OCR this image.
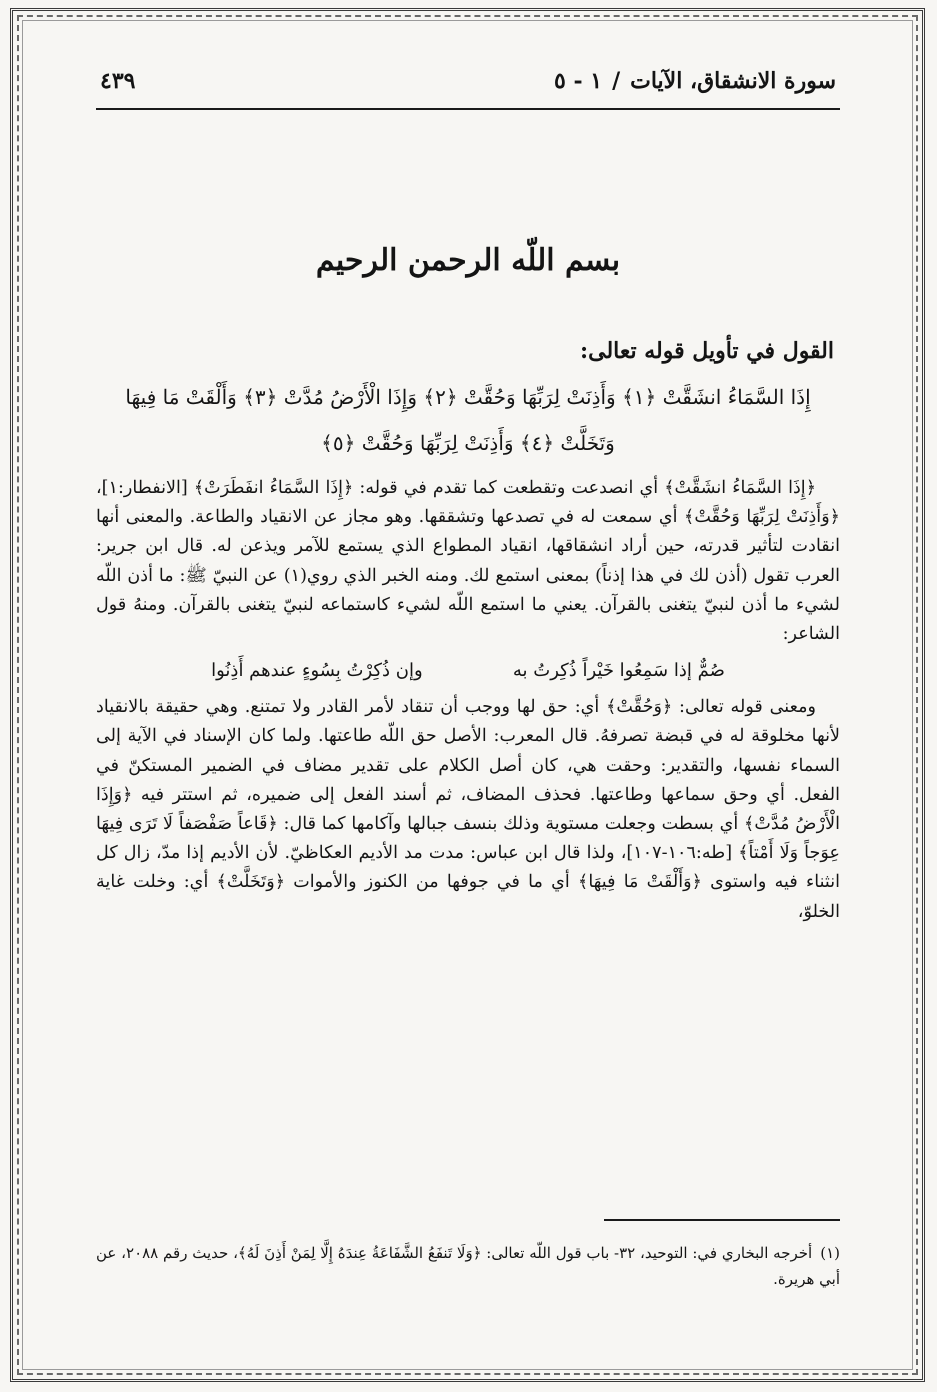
سورة الانشقاق، الآيات/١ - ٥
٤٣٩
بسم اللّه الرحمن الرحيم
القول في تأويل قوله تعالى:
إِذَا السَّمَاءُ انشَقَّتْ ﴿١﴾ وَأَذِنَتْ لِرَبِّهَا وَحُقَّتْ ﴿٢﴾ وَإِذَا الْأَرْضُ مُدَّتْ ﴿٣﴾ وَأَلْقَتْ مَا فِيهَا
وَتَخَلَّتْ ﴿٤﴾ وَأَذِنَتْ لِرَبِّهَا وَحُقَّتْ ﴿٥﴾

﴿إِذَا السَّمَاءُ انشَقَّتْ﴾ أي انصدعت وتقطعت كما تقدم في قوله: ﴿إِذَا السَّمَاءُ انفَطَرَتْ﴾ [الانفطار:١]، ﴿وَأَذِنَتْ لِرَبِّهَا وَحُقَّتْ﴾ أي سمعت له في تصدعها وتشققها. وهو مجاز عن الانقياد والطاعة. والمعنى أنها انقادت لتأثير قدرته، حين أراد انشقاقها، انقياد المطواع الذي يستمع للآمر ويذعن له. قال ابن جرير: العرب تقول (أذن لك في هذا إذناً) بمعنى استمع لك. ومنه الخبر الذي روي(١) عن النبيّ ﷺ: ما أذن اللّه لشيء ما أذن لنبيّ يتغنى بالقرآن. يعني ما استمع اللّه لشيء كاستماعه لنبيّ يتغنى بالقرآن. ومنهُ قول الشاعر:

صُمٌّ إذا سَمِعُوا خَيْراً ذُكِرتُ به
وإن ذُكِرْتُ بِسُوءٍ عندهم أَذِنُوا

ومعنى قوله تعالى: ﴿وَحُقَّتْ﴾ أي: حق لها ووجب أن تنقاد لأمر القادر ولا تمتنع. وهي حقيقة بالانقياد لأنها مخلوقة له في قبضة تصرفهُ. قال المعرب: الأصل حق اللّه طاعتها. ولما كان الإسناد في الآية إلى السماء نفسها، والتقدير: وحقت هي، كان أصل الكلام على تقدير مضاف في الضمير المستكنّ في الفعل. أي وحق سماعها وطاعتها. فحذف المضاف، ثم أسند الفعل إلى ضميره، ثم استتر فيه ﴿وَإِذَا الْأَرْضُ مُدَّتْ﴾ أي بسطت وجعلت مستوية وذلك بنسف جبالها وآكامها كما قال: ﴿قَاعاً صَفْصَفاً لَا تَرَى فِيهَا عِوَجاً وَلَا أَمْتاً﴾ [طه:١٠٦-١٠٧]، ولذا قال ابن عباس: مدت مد الأديم العكاظيّ. لأن الأديم إذا مدّ، زال كل انثناء فيه واستوى ﴿وَأَلْقَتْ مَا فِيهَا﴾ أي ما في جوفها من الكنوز والأموات ﴿وَتَخَلَّتْ﴾ أي: وخلت غاية الخلوّ،

(١)أخرجه البخاري في: التوحيد، ٣٢- باب قول اللّه تعالى: ﴿وَلَا تَنفَعُ الشَّفَاعَةُ عِندَهُ إِلَّا لِمَنْ أَذِنَ لَهُ﴾، حديث رقم ٢٠٨٨، عن أبي هريرة.
